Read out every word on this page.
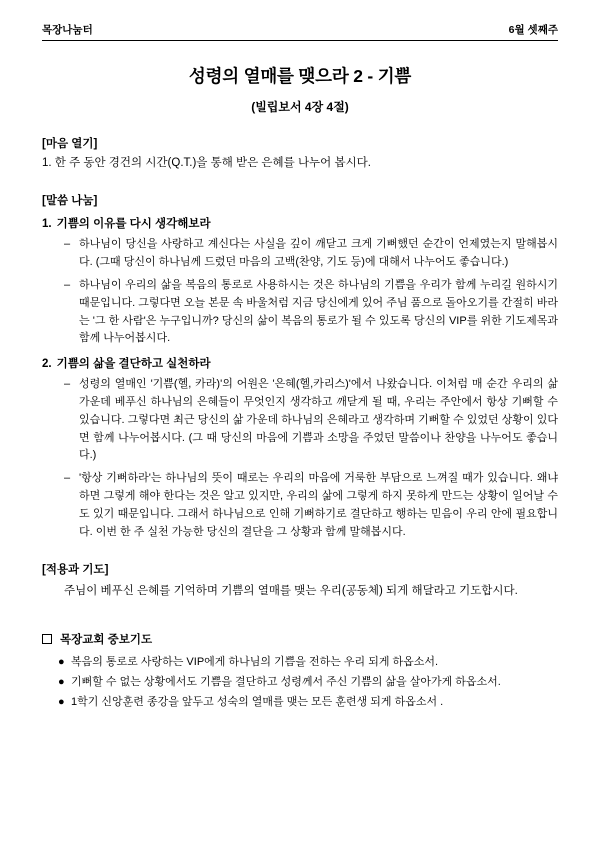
목장나눔터	6월 셋째주
성령의 열매를 맺으라 2 - 기쁨
(빌립보서 4장 4절)
[마음 열기]
1. 한 주 동안 경건의 시간(Q.T.)을 통해 받은 은혜를 나누어 봅시다.
[말씀 나눔]
1. 기쁨의 이유를 다시 생각해보라
– 하나님이 당신을 사랑하고 계신다는 사실을 깊이 깨닫고 크게 기뻐했던 순간이 언제였는지 말해봅시다. (그때 당신이 하나님께 드렸던 마음의 고백(찬양, 기도 등)에 대해서 나누어도 좋습니다.)
– 하나님이 우리의 삶을 복음의 통로로 사용하시는 것은 하나님의 기쁨을 우리가 함께 누리길 원하시기 때문입니다. 그렇다면 오늘 본문 속 바울처럼 지금 당신에게 있어 주님 품으로 돌아오기를 간절히 바라는 '그 한 사람'은 누구입니까? 당신의 삶이 복음의 통로가 될 수 있도록 당신의 VIP를 위한 기도제목과 함께 나누어봅시다.
2. 기쁨의 삶을 결단하고 실천하라
– 성령의 열매인 '기쁨(헬, 카라)'의 어원은 '은혜(헬,카리스)'에서 나왔습니다. 이처럼 매 순간 우리의 삶 가운데 베푸신 하나님의 은혜들이 무엇인지 생각하고 깨닫게 될 때, 우리는 주안에서 항상 기뻐할 수 있습니다. 그렇다면 최근 당신의 삶 가운데 하나님의 은혜라고 생각하며 기뻐할 수 있었던 상황이 있다면 함께 나누어봅시다. (그 때 당신의 마음에 기쁨과 소망을 주었던 말씀이나 찬양을 나누어도 좋습니다.)
– '항상 기뻐하라'는 하나님의 뜻이 때로는 우리의 마음에 거룩한 부담으로 느껴질 때가 있습니다. 왜냐하면 그렇게 해야 한다는 것은 알고 있지만, 우리의 삶에 그렇게 하지 못하게 만드는 상황이 일어날 수도 있기 때문입니다. 그래서 하나님으로 인해 기뻐하기로 결단하고 행하는 믿음이 우리 안에 필요합니다. 이번 한 주 실천 가능한 당신의 결단을 그 상황과 함께 말해봅시다.
[적용과 기도]
주님이 베푸신 은혜를 기억하며 기쁨의 열매를 맺는 우리(공동체) 되게 해달라고 기도합시다.
목장교회 중보기도
● 복음의 통로로 사랑하는 VIP에게 하나님의 기쁨을 전하는 우리 되게 하옵소서.
● 기뻐할 수 없는 상황에서도 기쁨을 결단하고 성령께서 주신 기쁨의 삶을 살아가게 하옵소서.
● 1학기 신앙훈련 종강을 앞두고 성숙의 열매를 맺는 모든 훈련생 되게 하옵소서 .
